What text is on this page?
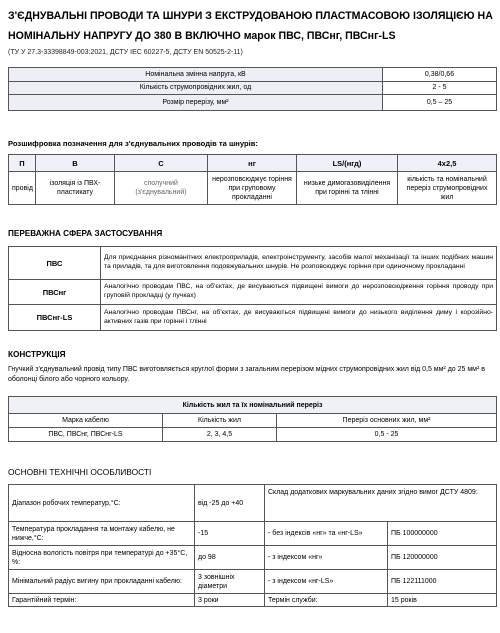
З'ЄДНУВАЛЬНІ ПРОВОДИ ТА ШНУРИ З ЕКСТРУДОВАНОЮ ПЛАСТМАСОВОЮ ІЗОЛЯЦІЄЮ НА НОМІНАЛЬНУ НАПРУГУ ДО 380 В ВКЛЮЧНО марок ПВС, ПВСнг, ПВСнг-LS
(ТУ У 27.3-33398849-003:2021, ДСТУ IEC 60227-5, ДСТУ EN 50525-2-11)
Номінальна змінна напруга, кВ	0,38/0,66
Кількість струмопровідних жил, од	2 - 5
Розмір перерізу, мм²	0,5 – 25
Розшифровка позначення для з'єднувальних проводів та шнурів:
П	В	С	нг	LS/(нгд)	4х2,5
провід	ізоляція із ПВХ-пластикату	сполучний (з'єднувальний)	нерозповсюджує горіння при груповому прокладанні	низьке димогазовиділення при горінні та тлінні	кількість та номінальний переріз струмопровідних жил
ПЕРЕВАЖНА СФЕРА ЗАСТОСУВАННЯ
ПВС	Для приєднання різноманітних електроприладів, електроінструменту, засобів малої механізації та інших подібних машин та приладів, та для виготовлення подовжувальних шнурів. Не розповсюджує горіння при одиночному прокладанні
ПВСнг	Аналогічно проводам ПВС, на об'єктах, де висуваються підвищені вимоги до нерозповсюдження горіння проводу при груповій прокладці (у пучках)
ПВСнг-LS	Аналогічно проводам ПВСнг, на об'єктах, де висуваються підвищені вимоги до низького виділення диму і корозійно-активних газів при горінні і тлінні
КОНСТРУКЦІЯ
Гнучкий з'єднувальний провід типу ПВС виготовляється круглої форми з загальним перерізом мідних струмопровідних жил від 0,5 мм² до 25 мм² в оболонці білого або чорного кольору.
Кількість жил та їх номінальний переріз		
Марка кабелю	Кількість жил	Переріз основних жил, мм²
ПВС, ПВСнг, ПВСнг-LS	2, 3, 4,5	0,5 - 25
ОСНОВНІ ТЕХНІЧНІ ОСОБЛИВОСТІ
Діапазон робочих температур,°С:	від -25 до +40	Склад додаткових маркувальних даних згідно вимог ДСТУ 4809:	
Температура прокладання та монтажу кабелю, не нижче,°С:	-15	- без індексів «нг» та «нг-LS»	ПБ 100000000
Відносна вологість повітря при температурі до +35°С, %:	до 98	- з індексом «нг»	ПБ 120000000
Мінімальний радіус вигину при прокладанні кабелю:	3 зовнішніх діаметри	- з індексом «нг-LS»	ПБ 122111000
Гарантійний термін:	3 роки	Термін служби:	15 років
